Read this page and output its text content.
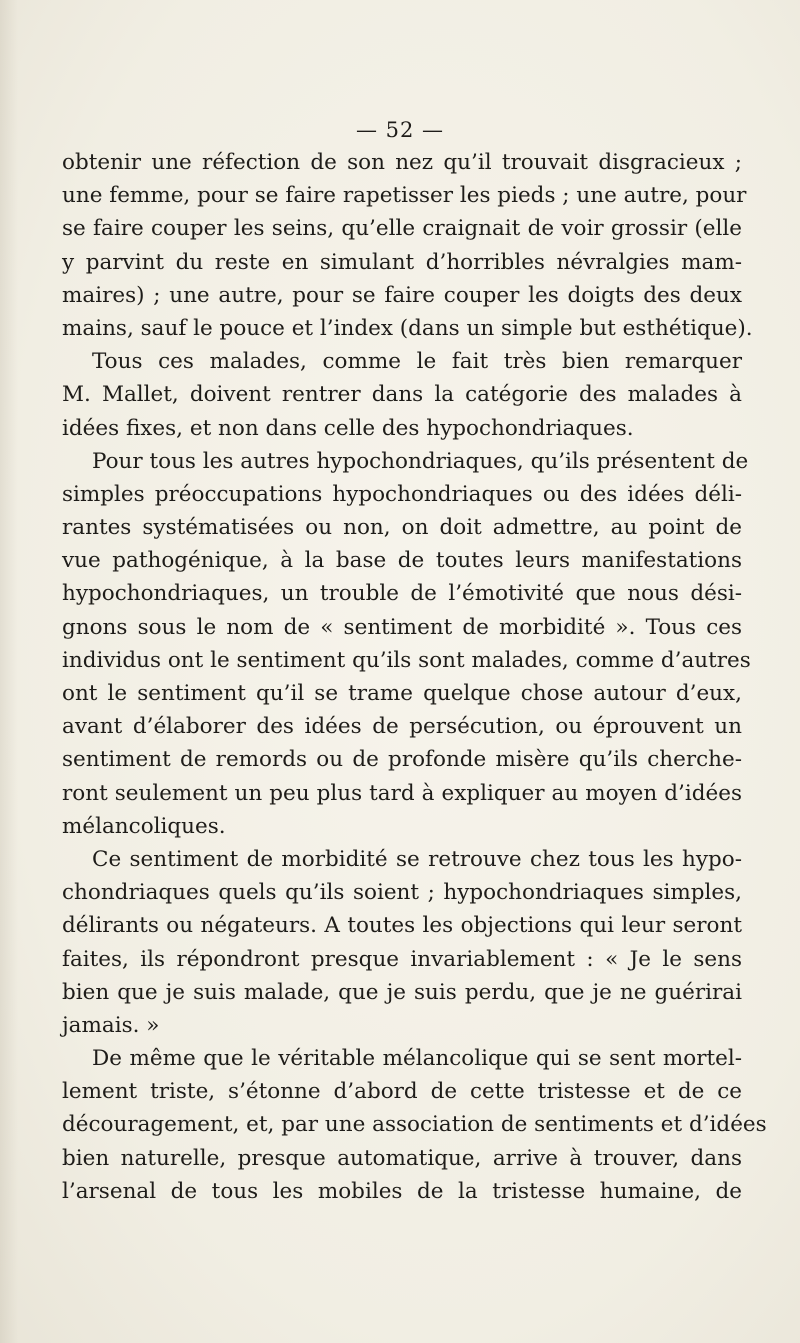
— 52 —
obtenir une réfection de son nez qu’il trouvait disgracieux ;
une femme, pour se faire rapetisser les pieds ; une autre, pour
se faire couper les seins, qu’elle craignait de voir grossir (elle
y parvint du reste en simulant d’horribles névralgies mam-
maires) ; une autre, pour se faire couper les doigts des deux
mains, sauf le pouce et l’index (dans un simple but esthétique).
Tous ces malades, comme le fait très bien remarquer
M. Mallet, doivent rentrer dans la catégorie des malades à
idées fixes, et non dans celle des hypochondriaques.
Pour tous les autres hypochondriaques, qu’ils présentent de
simples préoccupations hypochondriaques ou des idées déli-
rantes systématisées ou non, on doit admettre, au point de
vue pathogénique, à la base de toutes leurs manifestations
hypochondriaques, un trouble de l’émotivité que nous dési-
gnons sous le nom de « sentiment de morbidité ». Tous ces
individus ont le sentiment qu’ils sont malades, comme d’autres
ont le sentiment qu’il se trame quelque chose autour d’eux,
avant d’élaborer des idées de persécution, ou éprouvent un
sentiment de remords ou de profonde misère qu’ils cherche-
ront seulement un peu plus tard à expliquer au moyen d’idées
mélancoliques.
Ce sentiment de morbidité se retrouve chez tous les hypo-
chondriaques quels qu’ils soient ; hypochondriaques simples,
délirants ou négateurs. A toutes les objections qui leur seront
faites, ils répondront presque invariablement : « Je le sens
bien que je suis malade, que je suis perdu, que je ne guérirai
jamais. »
De même que le véritable mélancolique qui se sent mortel-
lement triste, s’étonne d’abord de cette tristesse et de ce
découragement, et, par une association de sentiments et d’idées
bien naturelle, presque automatique, arrive à trouver, dans
l’arsenal de tous les mobiles de la tristesse humaine, de
